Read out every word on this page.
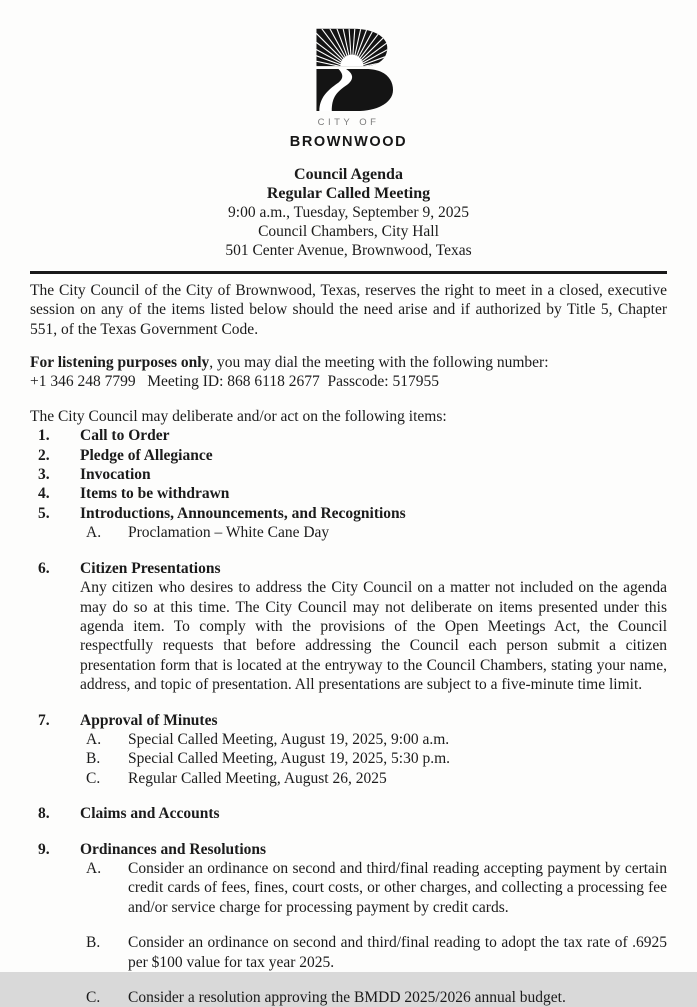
CITY OF
BROWNWOOD
Council Agenda
Regular Called Meeting
9:00 a.m., Tuesday, September 9, 2025
Council Chambers, City Hall
501 Center Avenue, Brownwood, Texas

The City Council of the City of Brownwood, Texas, reserves the right to meet in a closed, executive session on any of the items listed below should the need arise and if authorized by Title 5, Chapter 551, of the Texas Government Code.

For listening purposes only, you may dial the meeting with the following number:

+1 346 248 7799   Meeting ID: 868 6118 2677  Passcode: 517955

The City Council may deliberate and/or act on the following items:

1.	Call to Order
2.	Pledge of Allegiance
3.	Invocation
4.	Items to be withdrawn
5.	Introductions, Announcements, and Recognitions
A.	Proclamation – White Cane Day
6.	Citizen Presentations
Any citizen who desires to address the City Council on a matter not included on the agenda may do so at this time. The City Council may not deliberate on items presented under this agenda item. To comply with the provisions of the Open Meetings Act, the Council respectfully requests that before addressing the Council each person submit a citizen presentation form that is located at the entryway to the Council Chambers, stating your name, address, and topic of presentation. All presentations are subject to a five-minute time limit.
7.	Approval of Minutes
A.	Special Called Meeting, August 19, 2025, 9:00 a.m.
B.	Special Called Meeting, August 19, 2025, 5:30 p.m.
C.	Regular Called Meeting, August 26, 2025
8.	Claims and Accounts
9.	Ordinances and Resolutions
A.	Consider an ordinance on second and third/final reading accepting payment by certain credit cards of fees, fines, court costs, or other charges, and collecting a processing fee and/or service charge for processing payment by credit cards.
B.	Consider an ordinance on second and third/final reading to adopt the tax rate of .6925 per $100 value for tax year 2025.
C.	Consider a resolution approving the BMDD 2025/2026 annual budget.
